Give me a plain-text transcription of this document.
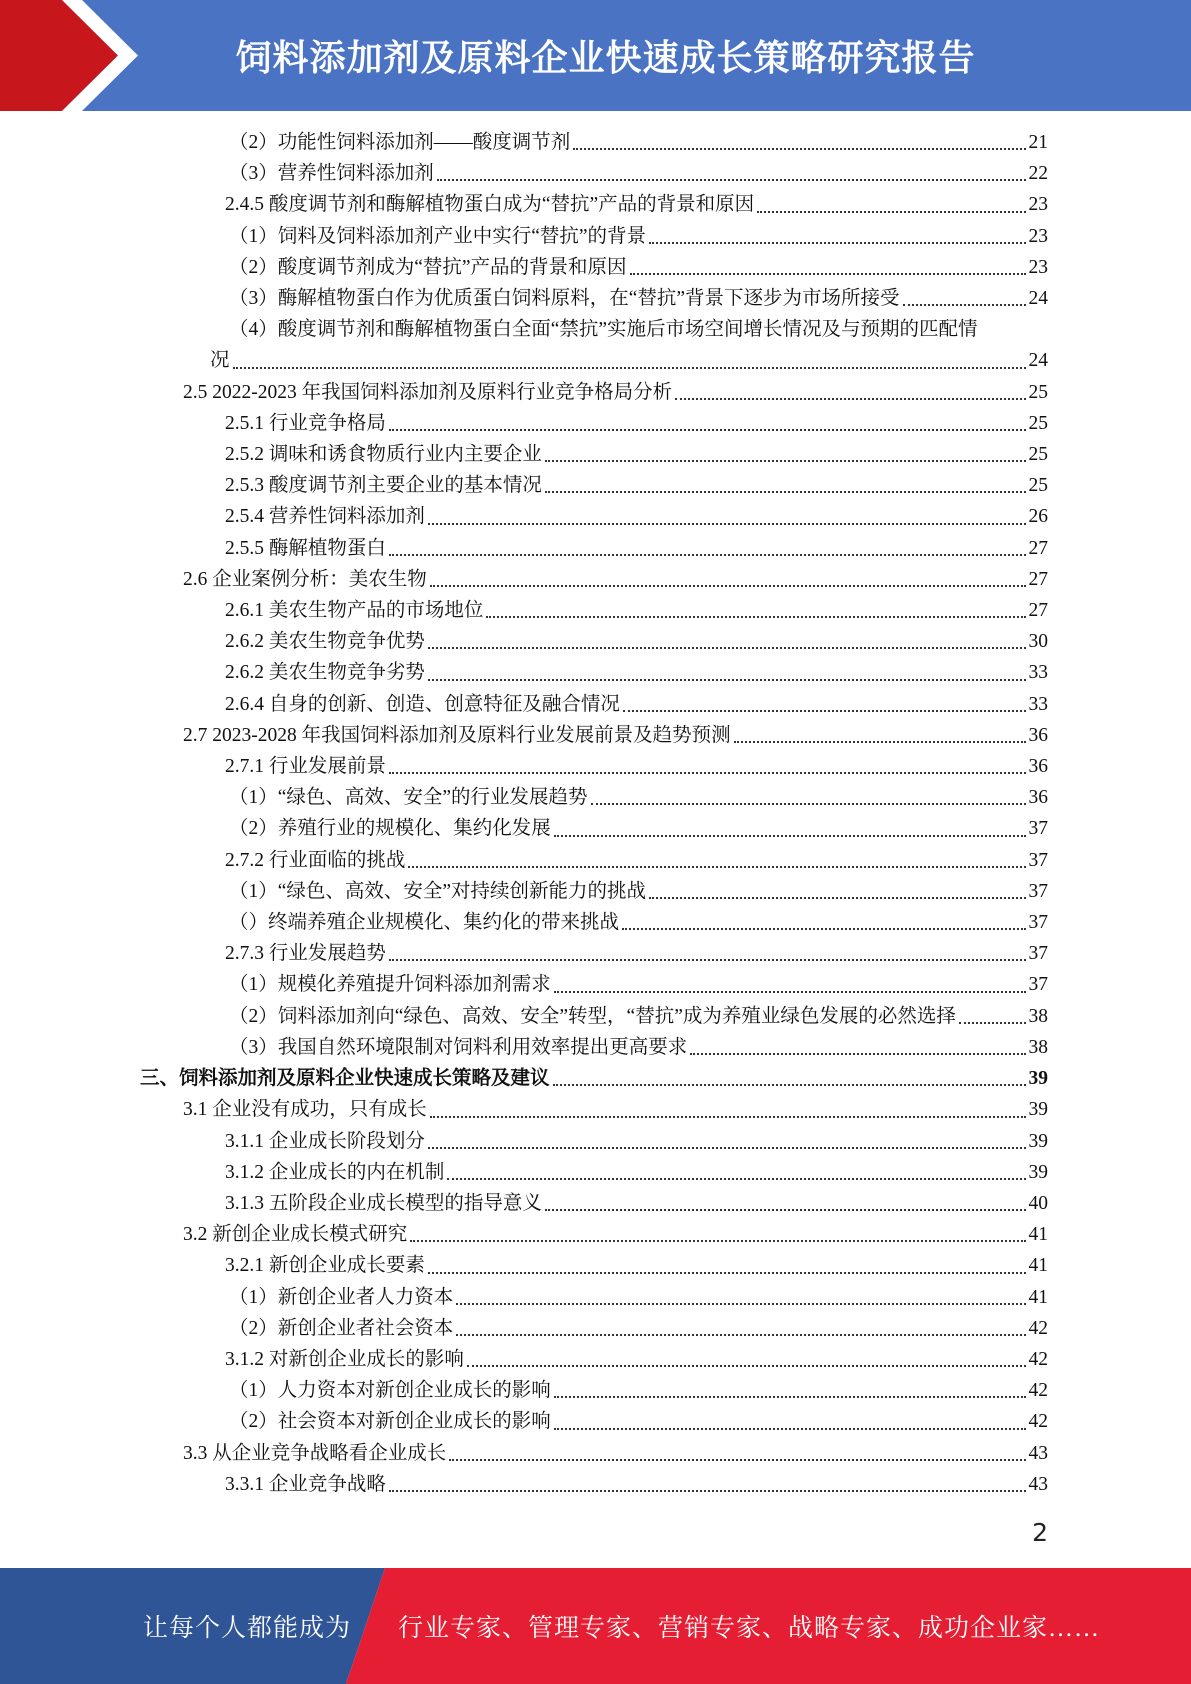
饲料添加剂及原料企业快速成长策略研究报告
（2）功能性饲料添加剂——酸度调节剂	21
（3）营养性饲料添加剂	22
2.4.5 酸度调节剂和酶解植物蛋白成为“替抗”产品的背景和原因	23
（1）饲料及饲料添加剂产业中实行“替抗”的背景	23
（2）酸度调节剂成为“替抗”产品的背景和原因	23
（3）酶解植物蛋白作为优质蛋白饲料原料，在“替抗”背景下逐步为市场所接受	24
（4）酸度调节剂和酶解植物蛋白全面“禁抗”实施后市场空间增长情况及与预期的匹配情
况	24
2.5 2022-2023 年我国饲料添加剂及原料行业竞争格局分析	25
2.5.1 行业竞争格局	25
2.5.2 调味和诱食物质行业内主要企业	25
2.5.3 酸度调节剂主要企业的基本情况	25
2.5.4 营养性饲料添加剂	26
2.5.5 酶解植物蛋白	27
2.6 企业案例分析：美农生物	27
2.6.1 美农生物产品的市场地位	27
2.6.2 美农生物竞争优势	30
2.6.2 美农生物竞争劣势	33
2.6.4 自身的创新、创造、创意特征及融合情况	33
2.7 2023-2028 年我国饲料添加剂及原料行业发展前景及趋势预测	36
2.7.1 行业发展前景	36
（1）“绿色、高效、安全”的行业发展趋势	36
（2）养殖行业的规模化、集约化发展	37
2.7.2 行业面临的挑战	37
（1）“绿色、高效、安全”对持续创新能力的挑战	37
（）终端养殖企业规模化、集约化的带来挑战	37
2.7.3 行业发展趋势	37
（1）规模化养殖提升饲料添加剂需求	37
（2）饲料添加剂向“绿色、高效、安全”转型，“替抗”成为养殖业绿色发展的必然选择	38
（3）我国自然环境限制对饲料利用效率提出更高要求	38
三、饲料添加剂及原料企业快速成长策略及建议	39
3.1 企业没有成功，只有成长	39
3.1.1 企业成长阶段划分	39
3.1.2 企业成长的内在机制	39
3.1.3 五阶段企业成长模型的指导意义	40
3.2 新创企业成长模式研究	41
3.2.1 新创企业成长要素	41
（1）新创企业者人力资本	41
（2）新创企业者社会资本	42
3.1.2 对新创企业成长的影响	42
（1）人力资本对新创企业成长的影响	42
（2）社会资本对新创企业成长的影响	42
3.3 从企业竞争战略看企业成长	43
3.3.1 企业竞争战略	43
2
让每个人都能成为 行业专家、管理专家、营销专家、战略专家、成功企业家……
